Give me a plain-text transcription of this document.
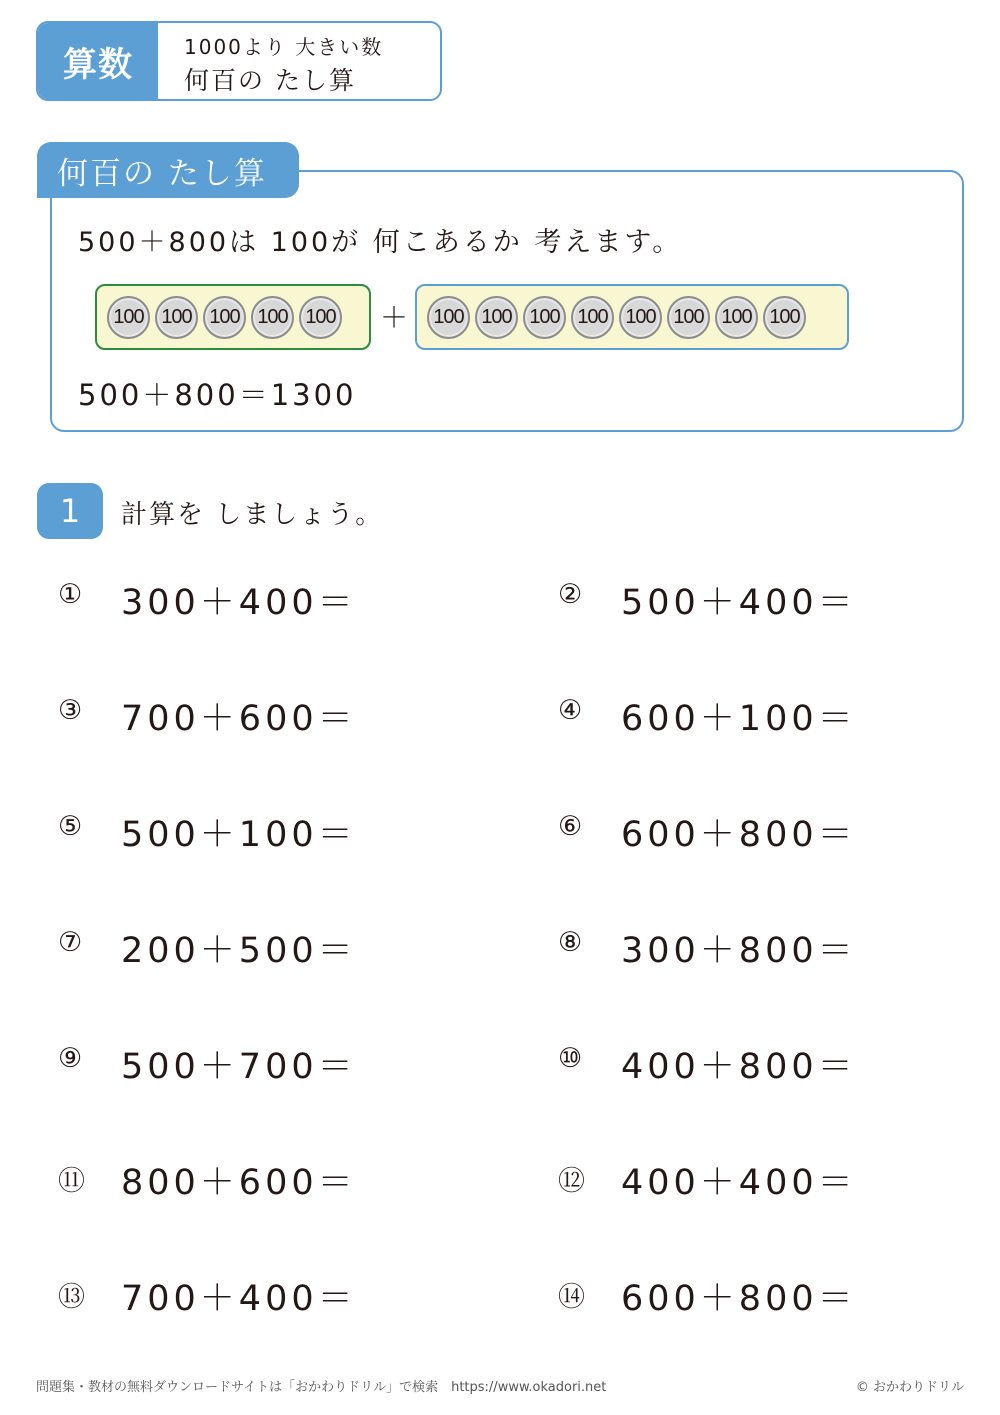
算数	1000より 大きい数
何百の たし算
何百の たし算
500＋800は 100が 何こあるか 考えます。
100 100 100 100 100 ＋	100 100 100 100 100 100 100 100
500＋800＝1300
1	計算を しましょう。
① 300＋400＝	② 500＋400＝
③ 700＋600＝	④ 600＋100＝
⑤ 500＋100＝	⑥ 600＋800＝
⑦ 200＋500＝	⑧ 300＋800＝
⑨ 500＋700＝	⑩ 400＋800＝
⑪ 800＋600＝	⑫ 400＋400＝
⑬ 700＋400＝	⑭ 600＋800＝
問題集・教材の無料ダウンロードサイトは「おかわりドリル」で検索　https://www.okadori.net	© おかわりドリル
